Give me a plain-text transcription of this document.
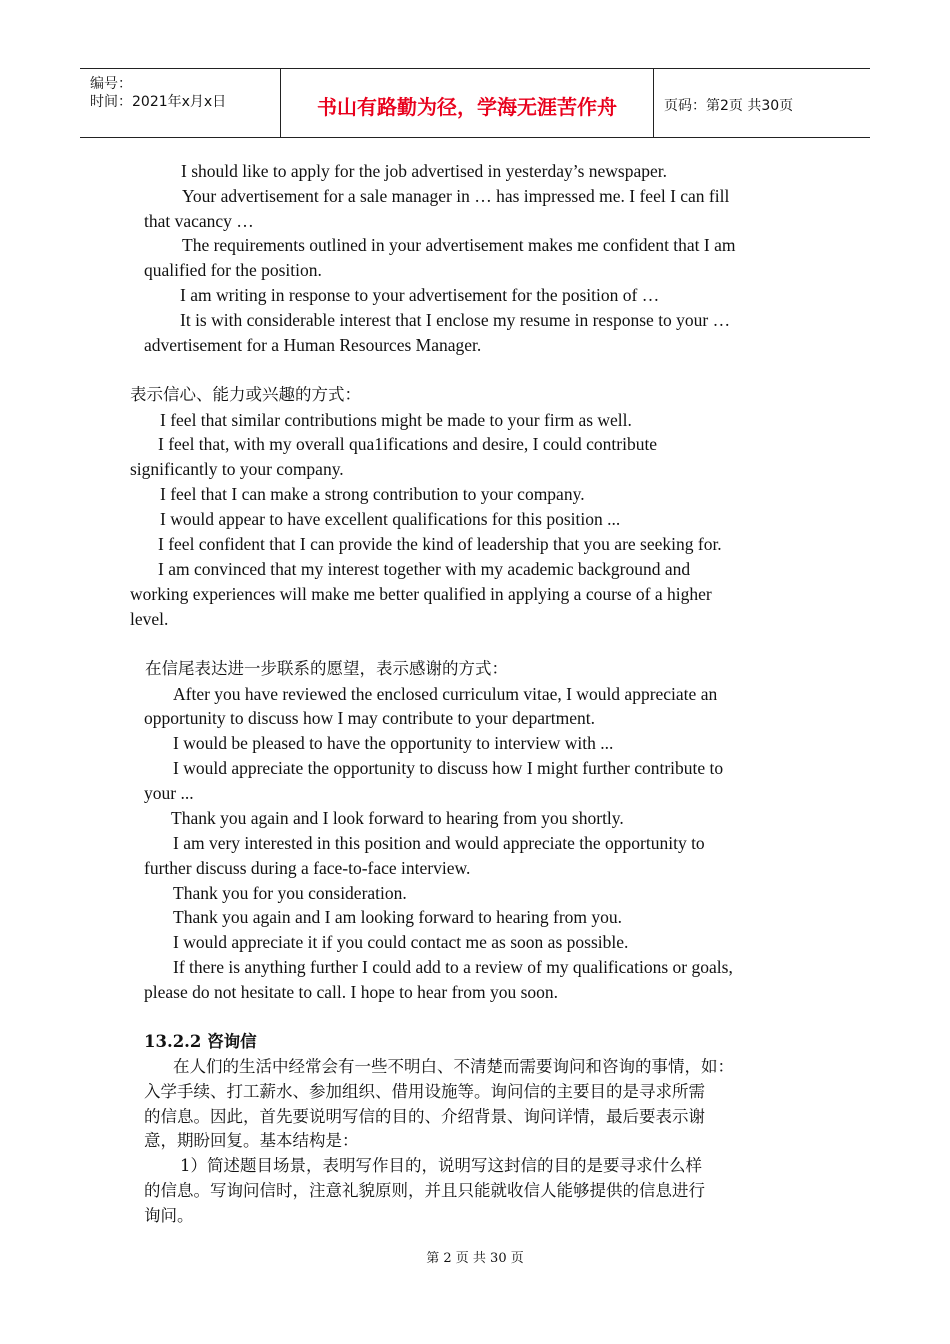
编号：
时间：2021年x月x日	书山有路勤为径，学海无涯苦作舟	页码：第2页 共30页
I should like to apply for the job advertised in yesterday’s newspaper.
Your advertisement for a sale manager in … has impressed me. I feel I can fill
that vacancy …
The requirements outlined in your advertisement makes me confident that I am
qualified for the position.
I am writing in response to your advertisement for the position of …
It is with considerable interest that I enclose my resume in response to your …
advertisement for a Human Resources Manager.
表示信心、能力或兴趣的方式：
I feel that similar contributions might be made to your firm as well.
I feel that, with my overall qua1ifications and desire, I could contribute
significantly to your company.
I feel that I can make a strong contribution to your company.
I would appear to have excellent qualifications for this position ...
I feel confident that I can provide the kind of leadership that you are seeking for.
I am convinced that my interest together with my academic background and
working experiences will make me better qualified in applying a course of a higher
level.
在信尾表达进一步联系的愿望，表示感谢的方式：
After you have reviewed the enclosed curriculum vitae, I would appreciate an
opportunity to discuss how I may contribute to your department.
I would be pleased to have the opportunity to interview with ...
I would appreciate the opportunity to discuss how I might further contribute to
your ...
Thank you again and I look forward to hearing from you shortly.
I am very interested in this position and would appreciate the opportunity to
further discuss during a face-to-face interview.
Thank you for you consideration.
Thank you again and I am looking forward to hearing from you.
I would appreciate it if you could contact me as soon as possible.
If there is anything further I could add to a review of my qualifications or goals,
please do not hesitate to call. I hope to hear from you soon.
13.2.2 咨询信
在人们的生活中经常会有一些不明白、不清楚而需要询问和咨询的事情，如：
入学手续、打工薪水、参加组织、借用设施等。询问信的主要目的是寻求所需
的信息。因此，首先要说明写信的目的、介绍背景、询问详情，最后要表示谢
意，期盼回复。基本结构是：
1）简述题目场景，表明写作目的，说明写这封信的目的是要寻求什么样
的信息。写询问信时，注意礼貌原则，并且只能就收信人能够提供的信息进行
询问。
第 2 页 共 30 页
